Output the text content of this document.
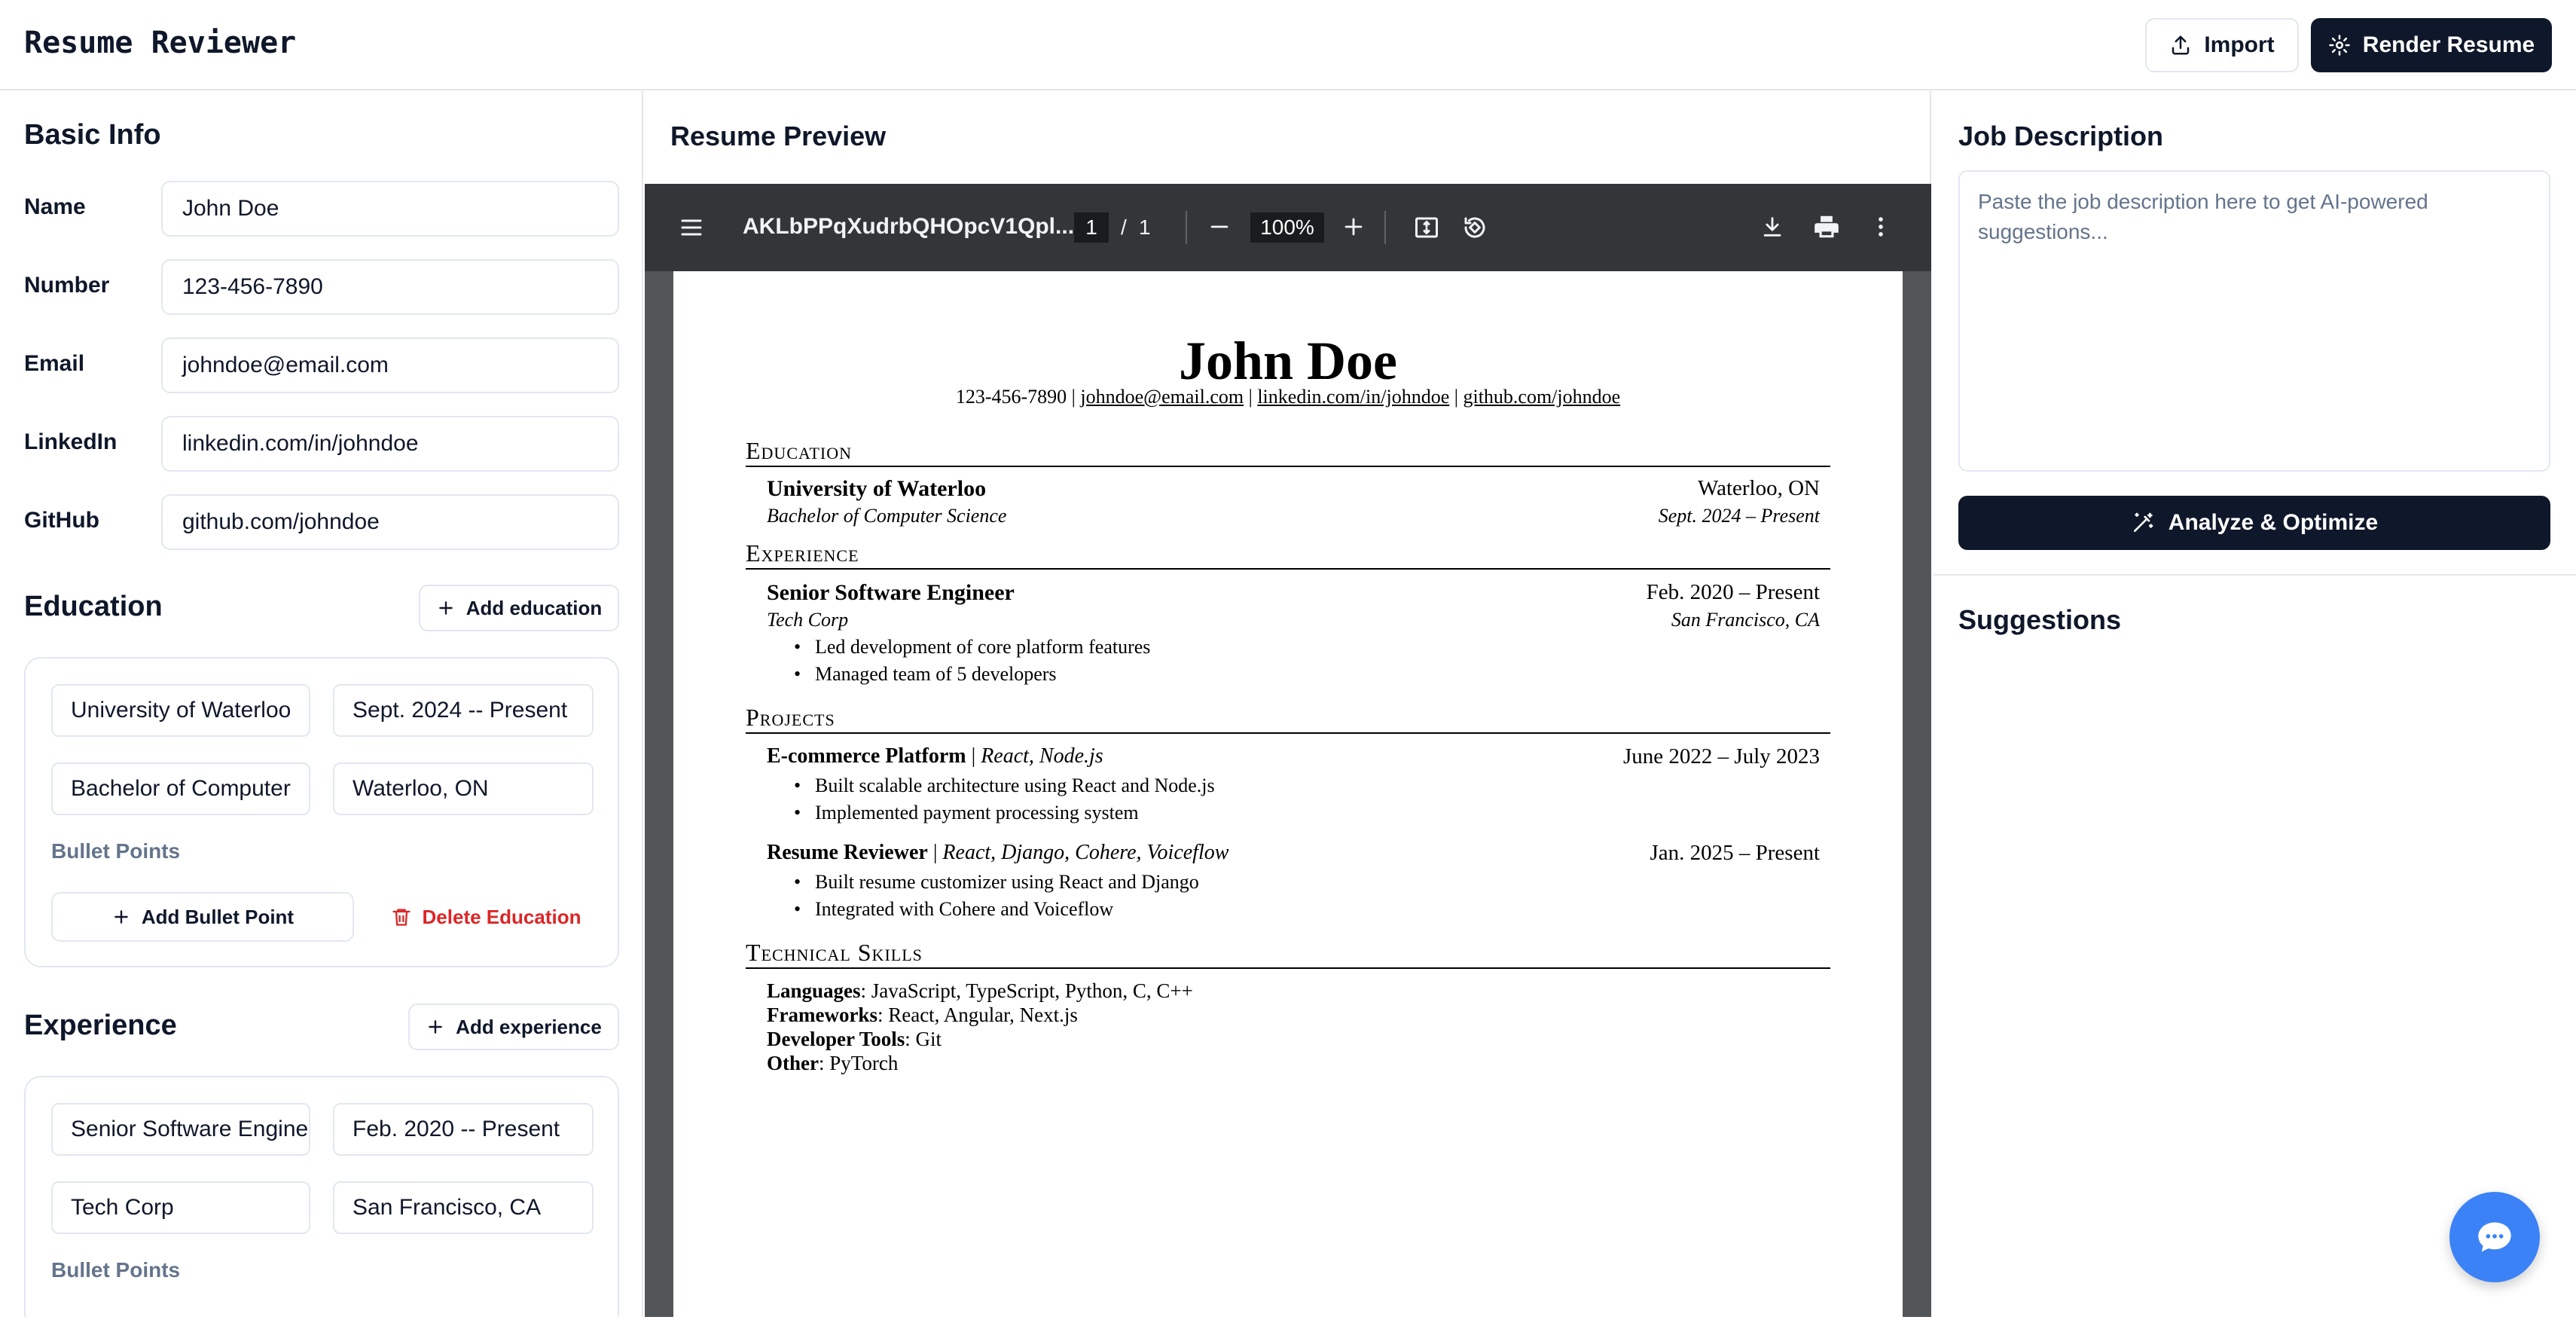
Resume Reviewer	Import	Render Resume
Basic Info
Name	John Doe
Number	123-456-7890
Email	johndoe@email.com
LinkedIn	linkedin.com/in/johndoe
GitHub	github.com/johndoe
Education	Add education
University of Waterloo	Sept. 2024 -- Present
Bachelor of Computer	Waterloo, ON
Bullet Points
Add Bullet Point	Delete Education
Experience	Add experience
Senior Software Engine	Feb. 2020 -- Present
Tech Corp	San Francisco, CA
Bullet Points
Resume Preview
AKLbPPqXudrbQHOpcV1Qpl... 1	/ 1	100%
John Doe
123-456-7890 | johndoe@email.com | linkedin.com/in/johndoe | github.com/johndoe
Education
University of Waterloo	Waterloo, ON
Bachelor of Computer Science	Sept. 2024 – Present
Experience
Senior Software Engineer	Feb. 2020 – Present
Tech Corp	San Francisco, CA
• Led development of core platform features
• Managed team of 5 developers
Projects
E-commerce Platform | React, Node.js	June 2022 – July 2023
• Built scalable architecture using React and Node.js
• Implemented payment processing system
Resume Reviewer | React, Django, Cohere, Voiceflow	Jan. 2025 – Present
• Built resume customizer using React and Django
• Integrated with Cohere and Voiceflow
Technical Skills
Languages: JavaScript, TypeScript, Python, C, C++
Frameworks: React, Angular, Next.js
Developer Tools: Git
Other: PyTorch
Job Description
Paste the job description here to get AI-powered suggestions...
Analyze & Optimize
Suggestions
